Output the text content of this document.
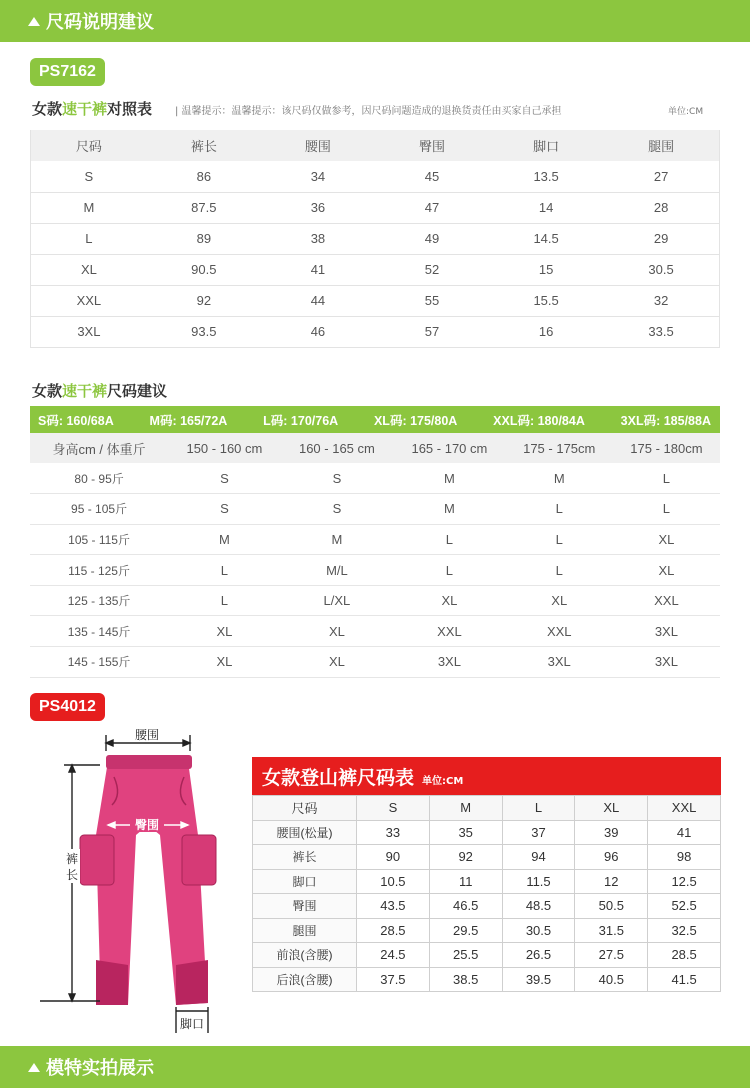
尺码说明建议
PS7162
女款速干裤对照表 | 温馨提示：温馨提示：该尺码仅做参考，因尺码问题造成的退换货责任由买家自己承担	单位:CM
尺码	裤长	腰围	臀围	脚口	腿围
S	86	34	45	13.5	27
M	87.5	36	47	14	28
L	89	38	49	14.5	29
XL	90.5	41	52	15	30.5
XXL	92	44	55	15.5	32
3XL	93.5	46	57	16	33.5
女款速干裤尺码建议
S码: 160/68A	M码: 165/72A	L码: 170/76A	XL码: 175/80A	XXL码: 180/84A	3XL码: 185/88A
身高cm / 体重斤	150 - 160 cm	160 - 165 cm	165 - 170 cm	175 - 175cm	175 - 180cm
80 - 95斤	S	S	M	M	L
95 - 105斤	S	S	M	L	L
105 - 115斤	M	M	L	L	XL
115 - 125斤	L	M/L	L	L	XL
125 - 135斤	L	L/XL	XL	XL	XXL
135 - 145斤	XL	XL	XXL	XXL	3XL
145 - 155斤	XL	XL	3XL	3XL	3XL
PS4012
腰围
臀围
裤
长
脚口
女款登山裤尺码表 单位:CM
尺码	S	M	L	XL	XXL
腰围(松量)	33	35	37	39	41
裤长	90	92	94	96	98
脚口	10.5	11	11.5	12	12.5
臀围	43.5	46.5	48.5	50.5	52.5
腿围	28.5	29.5	30.5	31.5	32.5
前浪(含腰)	24.5	25.5	26.5	27.5	28.5
后浪(含腰)	37.5	38.5	39.5	40.5	41.5
模特实拍展示
